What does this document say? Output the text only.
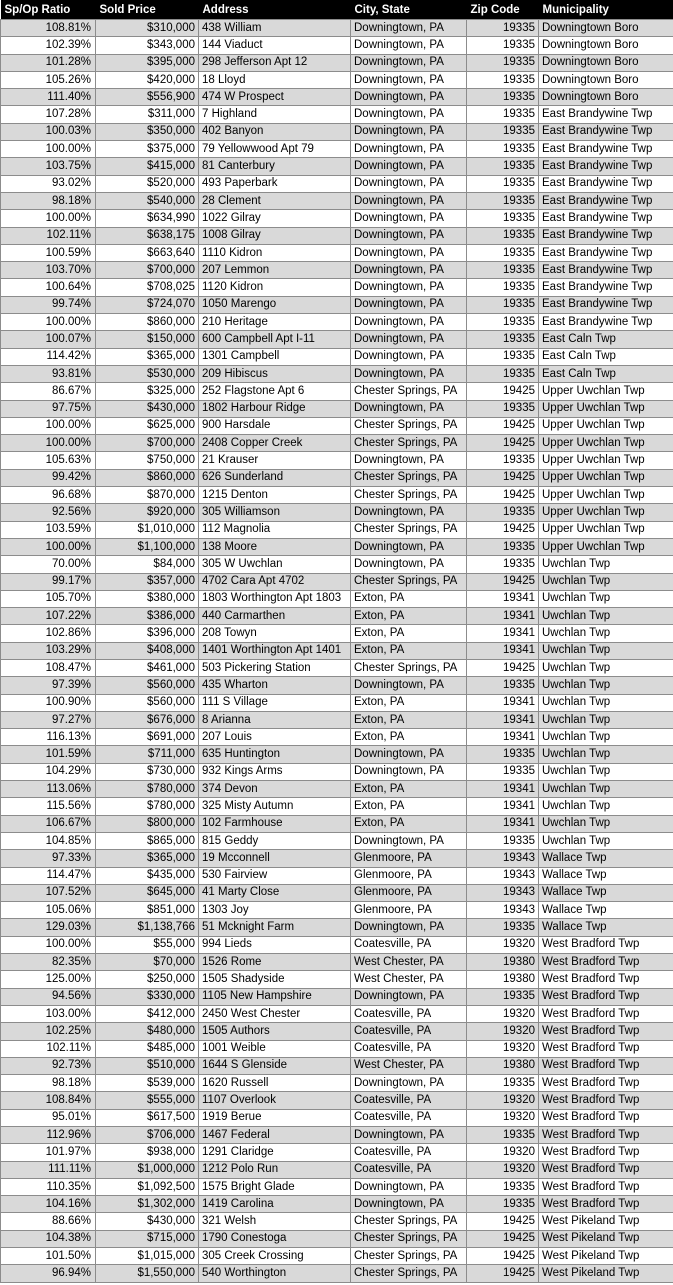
Sp/Op Ratio	Sold Price	Address	City, State	Zip Code	Municipality
108.81%	$310,000	438 William	Downingtown, PA	19335	Downingtown Boro
102.39%	$343,000	144 Viaduct	Downingtown, PA	19335	Downingtown Boro
101.28%	$395,000	298 Jefferson Apt 12	Downingtown, PA	19335	Downingtown Boro
105.26%	$420,000	18 Lloyd	Downingtown, PA	19335	Downingtown Boro
111.40%	$556,900	474 W Prospect	Downingtown, PA	19335	Downingtown Boro
107.28%	$311,000	7 Highland	Downingtown, PA	19335	East Brandywine Twp
100.03%	$350,000	402 Banyon	Downingtown, PA	19335	East Brandywine Twp
100.00%	$375,000	79 Yellowwood Apt 79	Downingtown, PA	19335	East Brandywine Twp
103.75%	$415,000	81 Canterbury	Downingtown, PA	19335	East Brandywine Twp
93.02%	$520,000	493 Paperbark	Downingtown, PA	19335	East Brandywine Twp
98.18%	$540,000	28 Clement	Downingtown, PA	19335	East Brandywine Twp
100.00%	$634,990	1022 Gilray	Downingtown, PA	19335	East Brandywine Twp
102.11%	$638,175	1008 Gilray	Downingtown, PA	19335	East Brandywine Twp
100.59%	$663,640	1110 Kidron	Downingtown, PA	19335	East Brandywine Twp
103.70%	$700,000	207 Lemmon	Downingtown, PA	19335	East Brandywine Twp
100.64%	$708,025	1120 Kidron	Downingtown, PA	19335	East Brandywine Twp
99.74%	$724,070	1050 Marengo	Downingtown, PA	19335	East Brandywine Twp
100.00%	$860,000	210 Heritage	Downingtown, PA	19335	East Brandywine Twp
100.07%	$150,000	600 Campbell Apt I-11	Downingtown, PA	19335	East Caln Twp
114.42%	$365,000	1301 Campbell	Downingtown, PA	19335	East Caln Twp
93.81%	$530,000	209 Hibiscus	Downingtown, PA	19335	East Caln Twp
86.67%	$325,000	252 Flagstone Apt 6	Chester Springs, PA	19425	Upper Uwchlan Twp
97.75%	$430,000	1802 Harbour Ridge	Downingtown, PA	19335	Upper Uwchlan Twp
100.00%	$625,000	900 Harsdale	Chester Springs, PA	19425	Upper Uwchlan Twp
100.00%	$700,000	2408 Copper Creek	Chester Springs, PA	19425	Upper Uwchlan Twp
105.63%	$750,000	21 Krauser	Downingtown, PA	19335	Upper Uwchlan Twp
99.42%	$860,000	626 Sunderland	Chester Springs, PA	19425	Upper Uwchlan Twp
96.68%	$870,000	1215 Denton	Chester Springs, PA	19425	Upper Uwchlan Twp
92.56%	$920,000	305 Williamson	Downingtown, PA	19335	Upper Uwchlan Twp
103.59%	$1,010,000	112 Magnolia	Chester Springs, PA	19425	Upper Uwchlan Twp
100.00%	$1,100,000	138 Moore	Downingtown, PA	19335	Upper Uwchlan Twp
70.00%	$84,000	305 W Uwchlan	Downingtown, PA	19335	Uwchlan Twp
99.17%	$357,000	4702 Cara Apt 4702	Chester Springs, PA	19425	Uwchlan Twp
105.70%	$380,000	1803 Worthington Apt 1803	Exton, PA	19341	Uwchlan Twp
107.22%	$386,000	440 Carmarthen	Exton, PA	19341	Uwchlan Twp
102.86%	$396,000	208 Towyn	Exton, PA	19341	Uwchlan Twp
103.29%	$408,000	1401 Worthington Apt 1401	Exton, PA	19341	Uwchlan Twp
108.47%	$461,000	503 Pickering Station	Chester Springs, PA	19425	Uwchlan Twp
97.39%	$560,000	435 Wharton	Downingtown, PA	19335	Uwchlan Twp
100.90%	$560,000	111 S Village	Exton, PA	19341	Uwchlan Twp
97.27%	$676,000	8 Arianna	Exton, PA	19341	Uwchlan Twp
116.13%	$691,000	207 Louis	Exton, PA	19341	Uwchlan Twp
101.59%	$711,000	635 Huntington	Downingtown, PA	19335	Uwchlan Twp
104.29%	$730,000	932 Kings Arms	Downingtown, PA	19335	Uwchlan Twp
113.06%	$780,000	374 Devon	Exton, PA	19341	Uwchlan Twp
115.56%	$780,000	325 Misty Autumn	Exton, PA	19341	Uwchlan Twp
106.67%	$800,000	102 Farmhouse	Exton, PA	19341	Uwchlan Twp
104.85%	$865,000	815 Geddy	Downingtown, PA	19335	Uwchlan Twp
97.33%	$365,000	19 Mcconnell	Glenmoore, PA	19343	Wallace Twp
114.47%	$435,000	530 Fairview	Glenmoore, PA	19343	Wallace Twp
107.52%	$645,000	41 Marty Close	Glenmoore, PA	19343	Wallace Twp
105.06%	$851,000	1303 Joy	Glenmoore, PA	19343	Wallace Twp
129.03%	$1,138,766	51 Mcknight Farm	Downingtown, PA	19335	Wallace Twp
100.00%	$55,000	994 Lieds	Coatesville, PA	19320	West Bradford Twp
82.35%	$70,000	1526 Rome	West Chester, PA	19380	West Bradford Twp
125.00%	$250,000	1505 Shadyside	West Chester, PA	19380	West Bradford Twp
94.56%	$330,000	1105 New Hampshire	Downingtown, PA	19335	West Bradford Twp
103.00%	$412,000	2450 West Chester	Coatesville, PA	19320	West Bradford Twp
102.25%	$480,000	1505 Authors	Coatesville, PA	19320	West Bradford Twp
102.11%	$485,000	1001 Weible	Coatesville, PA	19320	West Bradford Twp
92.73%	$510,000	1644 S Glenside	West Chester, PA	19380	West Bradford Twp
98.18%	$539,000	1620 Russell	Downingtown, PA	19335	West Bradford Twp
108.84%	$555,000	1107 Overlook	Coatesville, PA	19320	West Bradford Twp
95.01%	$617,500	1919 Berue	Coatesville, PA	19320	West Bradford Twp
112.96%	$706,000	1467 Federal	Downingtown, PA	19335	West Bradford Twp
101.97%	$938,000	1291 Claridge	Coatesville, PA	19320	West Bradford Twp
111.11%	$1,000,000	1212 Polo Run	Coatesville, PA	19320	West Bradford Twp
110.35%	$1,092,500	1575 Bright Glade	Downingtown, PA	19335	West Bradford Twp
104.16%	$1,302,000	1419 Carolina	Downingtown, PA	19335	West Bradford Twp
88.66%	$430,000	321 Welsh	Chester Springs, PA	19425	West Pikeland Twp
104.38%	$715,000	1790 Conestoga	Chester Springs, PA	19425	West Pikeland Twp
101.50%	$1,015,000	305 Creek Crossing	Chester Springs, PA	19425	West Pikeland Twp
96.94%	$1,550,000	540 Worthington	Chester Springs, PA	19425	West Pikeland Twp
